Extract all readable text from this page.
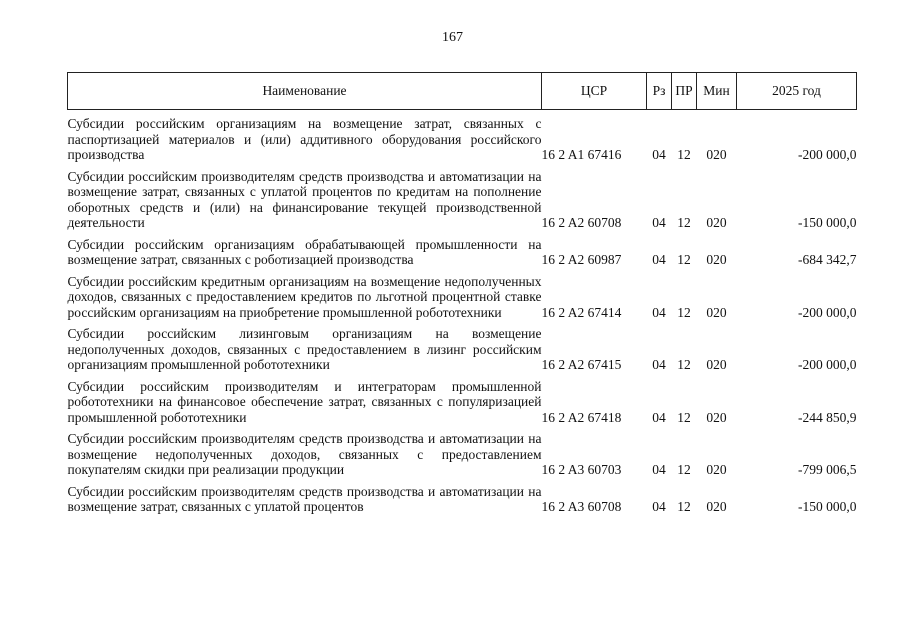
167
Наименование	ЦСР	Рз	ПР	Мин	2025 год
Субсидии российским организациям на возмещение затрат, связанных с паспортизацией материалов и (или) аддитивного оборудования российского производства	16 2 A1 67416	04	12	020	-200 000,0
Субсидии российским производителям средств производства и автоматизации на возмещение затрат, связанных с уплатой процентов по кредитам на пополнение оборотных средств и (или) на финансирование текущей производственной деятельности	16 2 A2 60708	04	12	020	-150 000,0
Субсидии российским организациям обрабатывающей промышленности на возмещение затрат, связанных с роботизацией производства	16 2 A2 60987	04	12	020	-684 342,7
Субсидии российским кредитным организациям на возмещение недополученных доходов, связанных с предоставлением кредитов по льготной процентной ставке российским организациям на приобретение промышленной робототехники	16 2 A2 67414	04	12	020	-200 000,0
Субсидии российским лизинговым организациям на возмещение недополученных доходов, связанных с предоставлением в лизинг российским организациям промышленной робототехники	16 2 A2 67415	04	12	020	-200 000,0
Субсидии российским производителям и интеграторам промышленной робототехники на финансовое обеспечение затрат, связанных с популяризацией промышленной робототехники	16 2 A2 67418	04	12	020	-244 850,9
Субсидии российским производителям средств производства и автоматизации на возмещение недополученных доходов, связанных с предоставлением покупателям скидки при реализации продукции	16 2 A3 60703	04	12	020	-799 006,5
Субсидии российским производителям средств производства и автоматизации на возмещение затрат, связанных с уплатой процентов	16 2 A3 60708	04	12	020	-150 000,0
